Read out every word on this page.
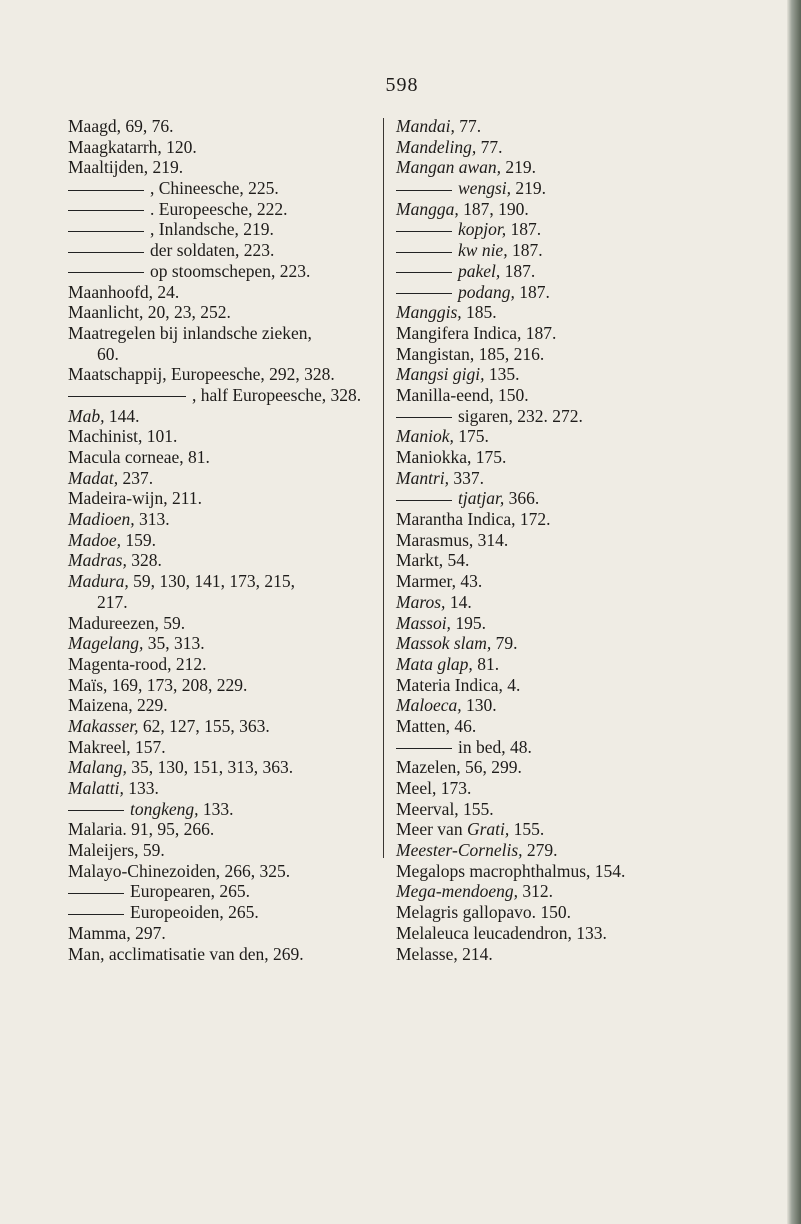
598
Maagd, 69, 76.
Maagkatarrh, 120.
Maaltijden, 219.
, Chineesche, 225.
. Europeesche, 222.
, Inlandsche, 219.
der soldaten, 223.
op stoomschepen, 223.
Maanhoofd, 24.
Maanlicht, 20, 23, 252.
Maatregelen bij inlandsche zieken,
60.
Maatschappij, Europeesche, 292, 328.
, half Europeesche, 328.
Mab, 144.
Machinist, 101.
Macula corneae, 81.
Madat, 237.
Madeira-wijn, 211.
Madioen, 313.
Madoe, 159.
Madras, 328.
Madura, 59, 130, 141, 173, 215,
217.
Madureezen, 59.
Magelang, 35, 313.
Magenta-rood, 212.
Maïs, 169, 173, 208, 229.
Maizena, 229.
Makasser, 62, 127, 155, 363.
Makreel, 157.
Malang, 35, 130, 151, 313, 363.
Malatti, 133.
tongkeng, 133.
Malaria. 91, 95, 266.
Maleijers, 59.
Malayo-Chinezoiden, 266, 325.
Europearen, 265.
Europeoiden, 265.
Mamma, 297.
Man, acclimatisatie van den, 269.
Mandai, 77.
Mandeling, 77.
Mangan awan, 219.
wengsi, 219.
Mangga, 187, 190.
kopjor, 187.
kw nie, 187.
pakel, 187.
podang, 187.
Manggis, 185.
Mangifera Indica, 187.
Mangistan, 185, 216.
Mangsi gigi, 135.
Manilla-eend, 150.
sigaren, 232. 272.
Maniok, 175.
Maniokka, 175.
Mantri, 337.
tjatjar, 366.
Marantha Indica, 172.
Marasmus, 314.
Markt, 54.
Marmer, 43.
Maros, 14.
Massoi, 195.
Massok slam, 79.
Mata glap, 81.
Materia Indica, 4.
Maloeca, 130.
Matten, 46.
in bed, 48.
Mazelen, 56, 299.
Meel, 173.
Meerval, 155.
Meer van Grati, 155.
Meester-Cornelis, 279.
Megalops macrophthalmus, 154.
Mega-mendoeng, 312.
Melagris gallopavo. 150.
Melaleuca leucadendron, 133.
Melasse, 214.
